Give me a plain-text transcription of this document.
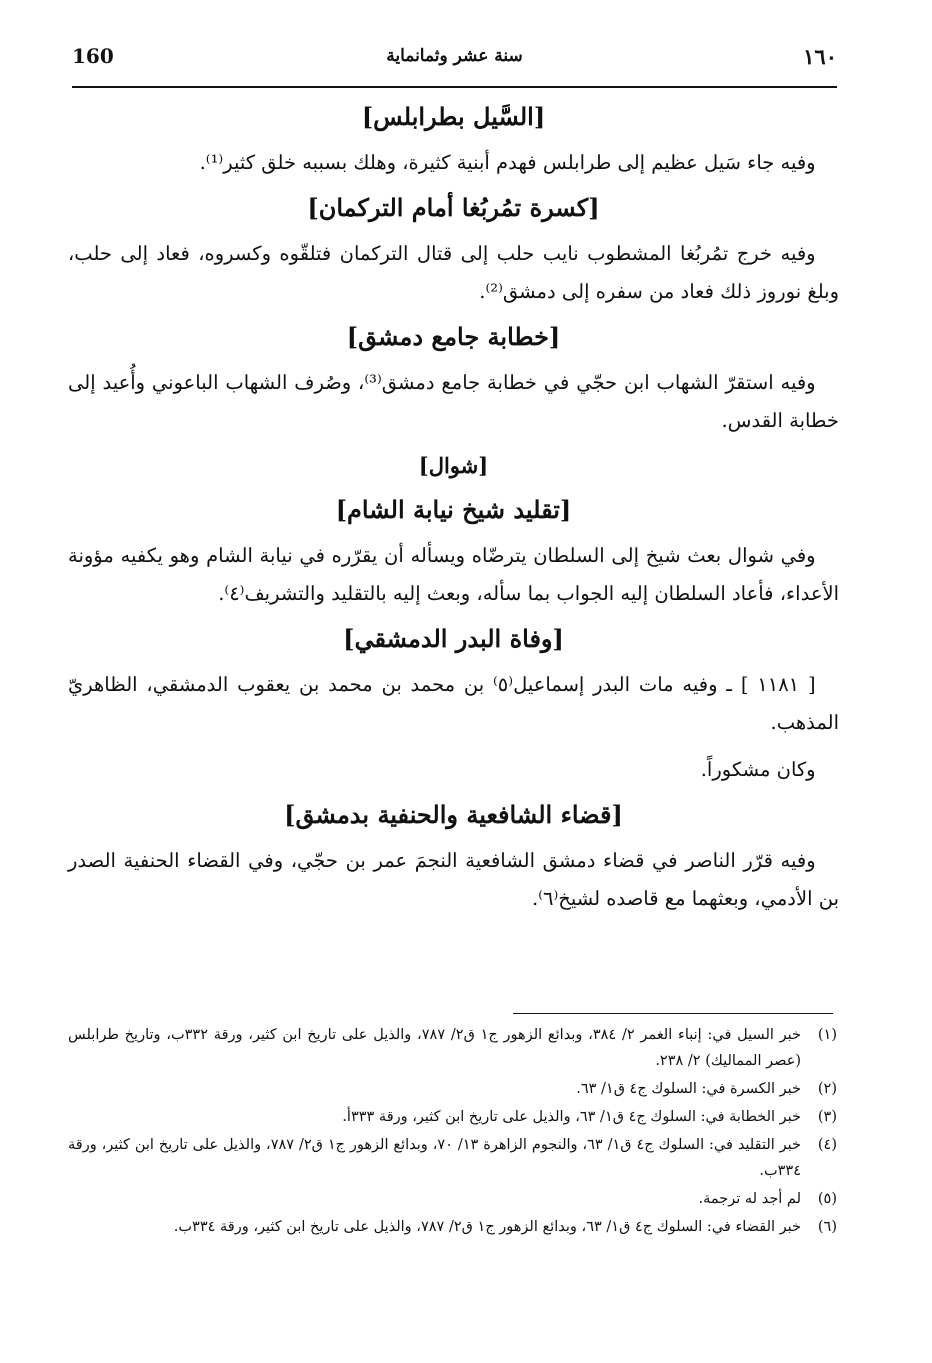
160	سنة عشر وثمانماية	١٦٠
[السَّيل بطرابلس]

وفيه جاء سَيل عظيم إلى طرابلس فهدم أبنية كثيرة، وهلك بسببه خلق كثير⁽¹⁾.

[كسرة تمُربُغا أمام التركمان]

وفيه خرج تمُربُغا المشطوب نايب حلب إلى قتال التركمان فتلقّوه وكسروه، فعاد إلى حلب، وبلغ نوروز ذلك فعاد من سفره إلى دمشق⁽²⁾.

[خطابة جامع دمشق]

وفيه استقرّ الشهاب ابن حجّي في خطابة جامع دمشق⁽³⁾، وصُرف الشهاب الباعوني وأُعيد إلى خطابة القدس.

[شوال]
[تقليد شيخ نيابة الشام]

وفي شوال بعث شيخ إلى السلطان يترضّاه ويسأله أن يقرّره في نيابة الشام وهو يكفيه مؤونة الأعداء، فأعاد السلطان إليه الجواب بما سأله، وبعث إليه بالتقليد والتشريف⁽٤⁾.

[وفاة البدر الدمشقي]

[ ١١٨١ ] ـ وفيه مات البدر إسماعيل⁽٥⁾ بن محمد بن محمد بن يعقوب الدمشقي، الظاهريّ المذهب.

وكان مشكوراً.

[قضاء الشافعية والحنفية بدمشق]

وفيه قرّر الناصر في قضاء دمشق الشافعية النجمَ عمر بن حجّي، وفي القضاء الحنفية الصدر بن الأدمي، وبعثهما مع قاصده لشيخ⁽٦⁾.

(١)
خبر السيل في: إنباء الغمر ٢/ ٣٨٤، وبدائع الزهور ج١ ق٢/ ٧٨٧، والذيل على تاريخ ابن كثير، ورقة ٣٣٢ب، وتاريخ طرابلس (عصر المماليك) ٢/ ٢٣٨.
(٢)
خبر الكسرة في: السلوك ج٤ ق١/ ٦٣.
(٣)
خبر الخطابة في: السلوك ج٤ ق١/ ٦٣، والذيل على تاريخ ابن كثير، ورقة ٣٣٣أ.
(٤)
خبر التقليد في: السلوك ج٤ ق١/ ٦٣، والنجوم الزاهرة ١٣/ ٧٠، وبدائع الزهور ج١ ق٢/ ٧٨٧، والذيل على تاريخ ابن كثير، ورقة ٣٣٤ب.
(٥)
لم أجد له ترجمة.
(٦)
خبر القضاء في: السلوك ج٤ ق١/ ٦٣، وبدائع الزهور ج١ ق٢/ ٧٨٧، والذيل على تاريخ ابن كثير، ورقة ٣٣٤ب.
